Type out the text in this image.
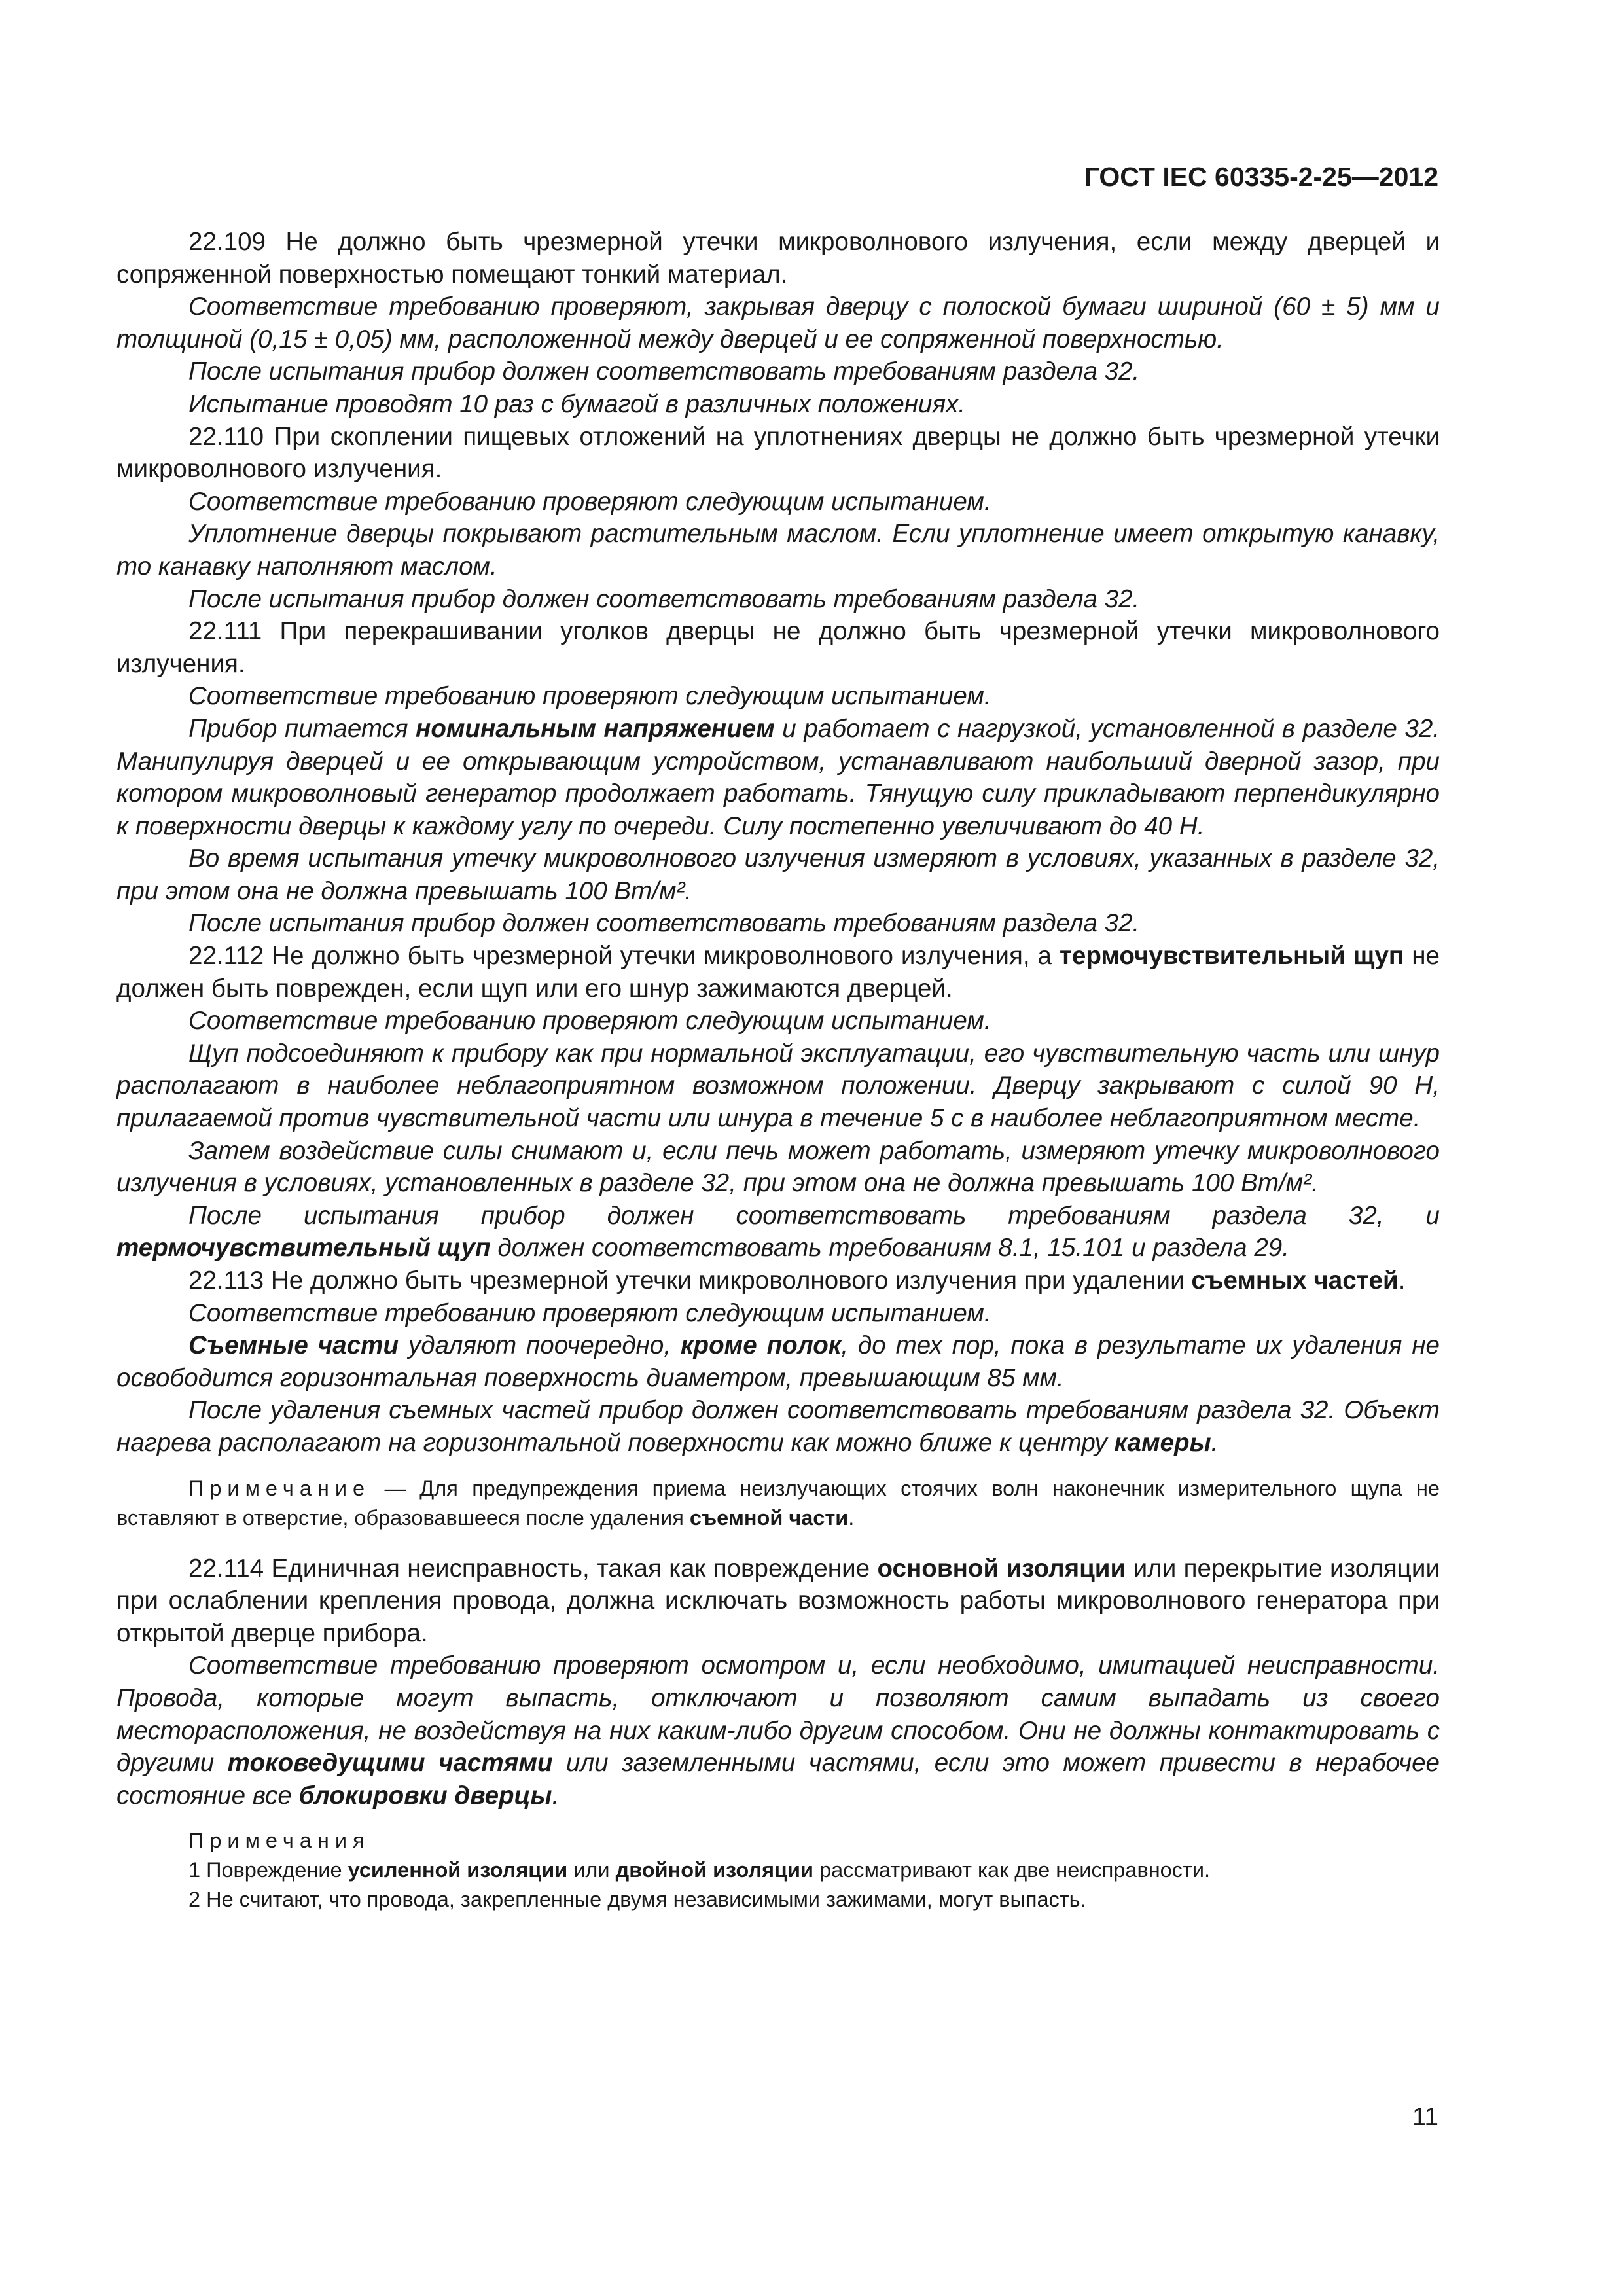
ГОСТ IEC 60335-2-25—2012

22.109 Не должно быть чрезмерной утечки микроволнового излучения, если между дверцей и сопряженной поверхностью помещают тонкий материал.

Соответствие требованию проверяют, закрывая дверцу с полоской бумаги шириной (60 ± 5) мм и толщиной (0,15 ± 0,05) мм, расположенной между дверцей и ее сопряженной поверхностью.

После испытания прибор должен соответствовать требованиям раздела 32.

Испытание проводят 10 раз с бумагой в различных положениях.

22.110 При скоплении пищевых отложений на уплотнениях дверцы не должно быть чрезмерной утечки микроволнового излучения.

Соответствие требованию проверяют следующим испытанием.

Уплотнение дверцы покрывают растительным маслом. Если уплотнение имеет открытую канавку, то канавку наполняют маслом.

После испытания прибор должен соответствовать требованиям раздела 32.

22.111 При перекрашивании уголков дверцы не должно быть чрезмерной утечки микроволнового излучения.

Соответствие требованию проверяют следующим испытанием.

Прибор питается номинальным напряжением и работает с нагрузкой, установленной в разделе 32. Манипулируя дверцей и ее открывающим устройством, устанавливают наибольший дверной зазор, при котором микроволновый генератор продолжает работать. Тянущую силу прикладывают перпендикулярно к поверхности дверцы к каждому углу по очереди. Силу постепенно увеличивают до 40 Н.

Во время испытания утечку микроволнового излучения измеряют в условиях, указанных в разделе 32, при этом она не должна превышать 100 Вт/м².

После испытания прибор должен соответствовать требованиям раздела 32.

22.112 Не должно быть чрезмерной утечки микроволнового излучения, а термочувствительный щуп не должен быть поврежден, если щуп или его шнур зажимаются дверцей.

Соответствие требованию проверяют следующим испытанием.

Щуп подсоединяют к прибору как при нормальной эксплуатации, его чувствительную часть или шнур располагают в наиболее неблагоприятном возможном положении. Дверцу закрывают с силой 90 Н, прилагаемой против чувствительной части или шнура в течение 5 с в наиболее неблагоприятном месте.

Затем воздействие силы снимают и, если печь может работать, измеряют утечку микроволнового излучения в условиях, установленных в разделе 32, при этом она не должна превышать 100 Вт/м².

После испытания прибор должен соответствовать требованиям раздела 32, и термочувствительный щуп должен соответствовать требованиям 8.1, 15.101 и раздела 29.

22.113 Не должно быть чрезмерной утечки микроволнового излучения при удалении съемных частей.

Соответствие требованию проверяют следующим испытанием.

Съемные части удаляют поочередно, кроме полок, до тех пор, пока в результате их удаления не освободится горизонтальная поверхность диаметром, превышающим 85 мм.

После удаления съемных частей прибор должен соответствовать требованиям раздела 32. Объект нагрева располагают на горизонтальной поверхности как можно ближе к центру камеры.

Примечание — Для предупреждения приема неизлучающих стоячих волн наконечник измерительного щупа не вставляют в отверстие, образовавшееся после удаления съемной части.

22.114 Единичная неисправность, такая как повреждение основной изоляции или перекрытие изоляции при ослаблении крепления провода, должна исключать возможность работы микроволнового генератора при открытой дверце прибора.

Соответствие требованию проверяют осмотром и, если необходимо, имитацией неисправности. Провода, которые могут выпасть, отключают и позволяют самим выпадать из своего месторасположения, не воздействуя на них каким-либо другим способом. Они не должны контактировать с другими токоведущими частями или заземленными частями, если это может привести в нерабочее состояние все блокировки дверцы.

Примечания

1 Повреждение усиленной изоляции или двойной изоляции рассматривают как две неисправности.

2 Не считают, что провода, закрепленные двумя независимыми зажимами, могут выпасть.

11
